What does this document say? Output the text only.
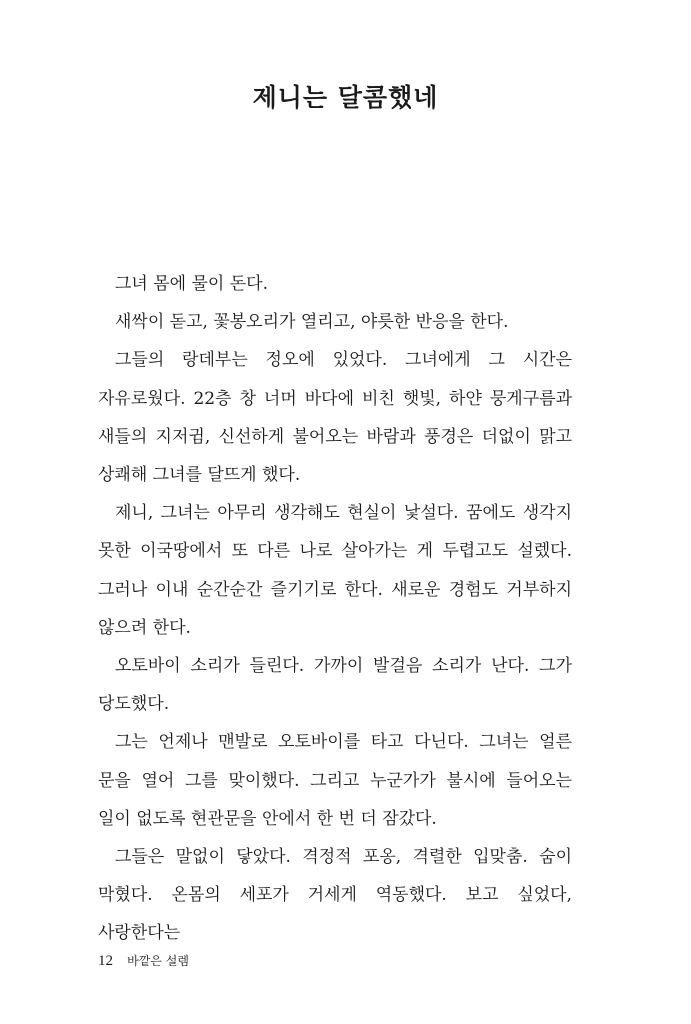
제니는 달콤했네

그녀 몸에 물이 돈다.

새싹이 돋고, 꽃봉오리가 열리고, 야릇한 반응을 한다.

그들의 랑데부는 정오에 있었다. 그녀에게 그 시간은 자유로웠다. 22층 창 너머 바다에 비친 햇빛, 하얀 뭉게구름과 새들의 지저귐, 신선하게 불어오는 바람과 풍경은 더없이 맑고 상쾌해 그녀를 달뜨게 했다.

제니, 그녀는 아무리 생각해도 현실이 낯설다. 꿈에도 생각지 못한 이국땅에서 또 다른 나로 살아가는 게 두렵고도 설렜다. 그러나 이내 순간순간 즐기기로 한다. 새로운 경험도 거부하지 않으려 한다.

오토바이 소리가 들린다. 가까이 발걸음 소리가 난다. 그가 당도했다.

그는 언제나 맨발로 오토바이를 타고 다닌다. 그녀는 얼른 문을 열어 그를 맞이했다. 그리고 누군가가 불시에 들어오는 일이 없도록 현관문을 안에서 한 번 더 잠갔다.

그들은 말없이 닿았다. 격정적 포옹, 격렬한 입맞춤. 숨이 막혔다. 온몸의 세포가 거세게 역동했다. 보고 싶었다, 사랑한다는

12 바깥은 설렘
